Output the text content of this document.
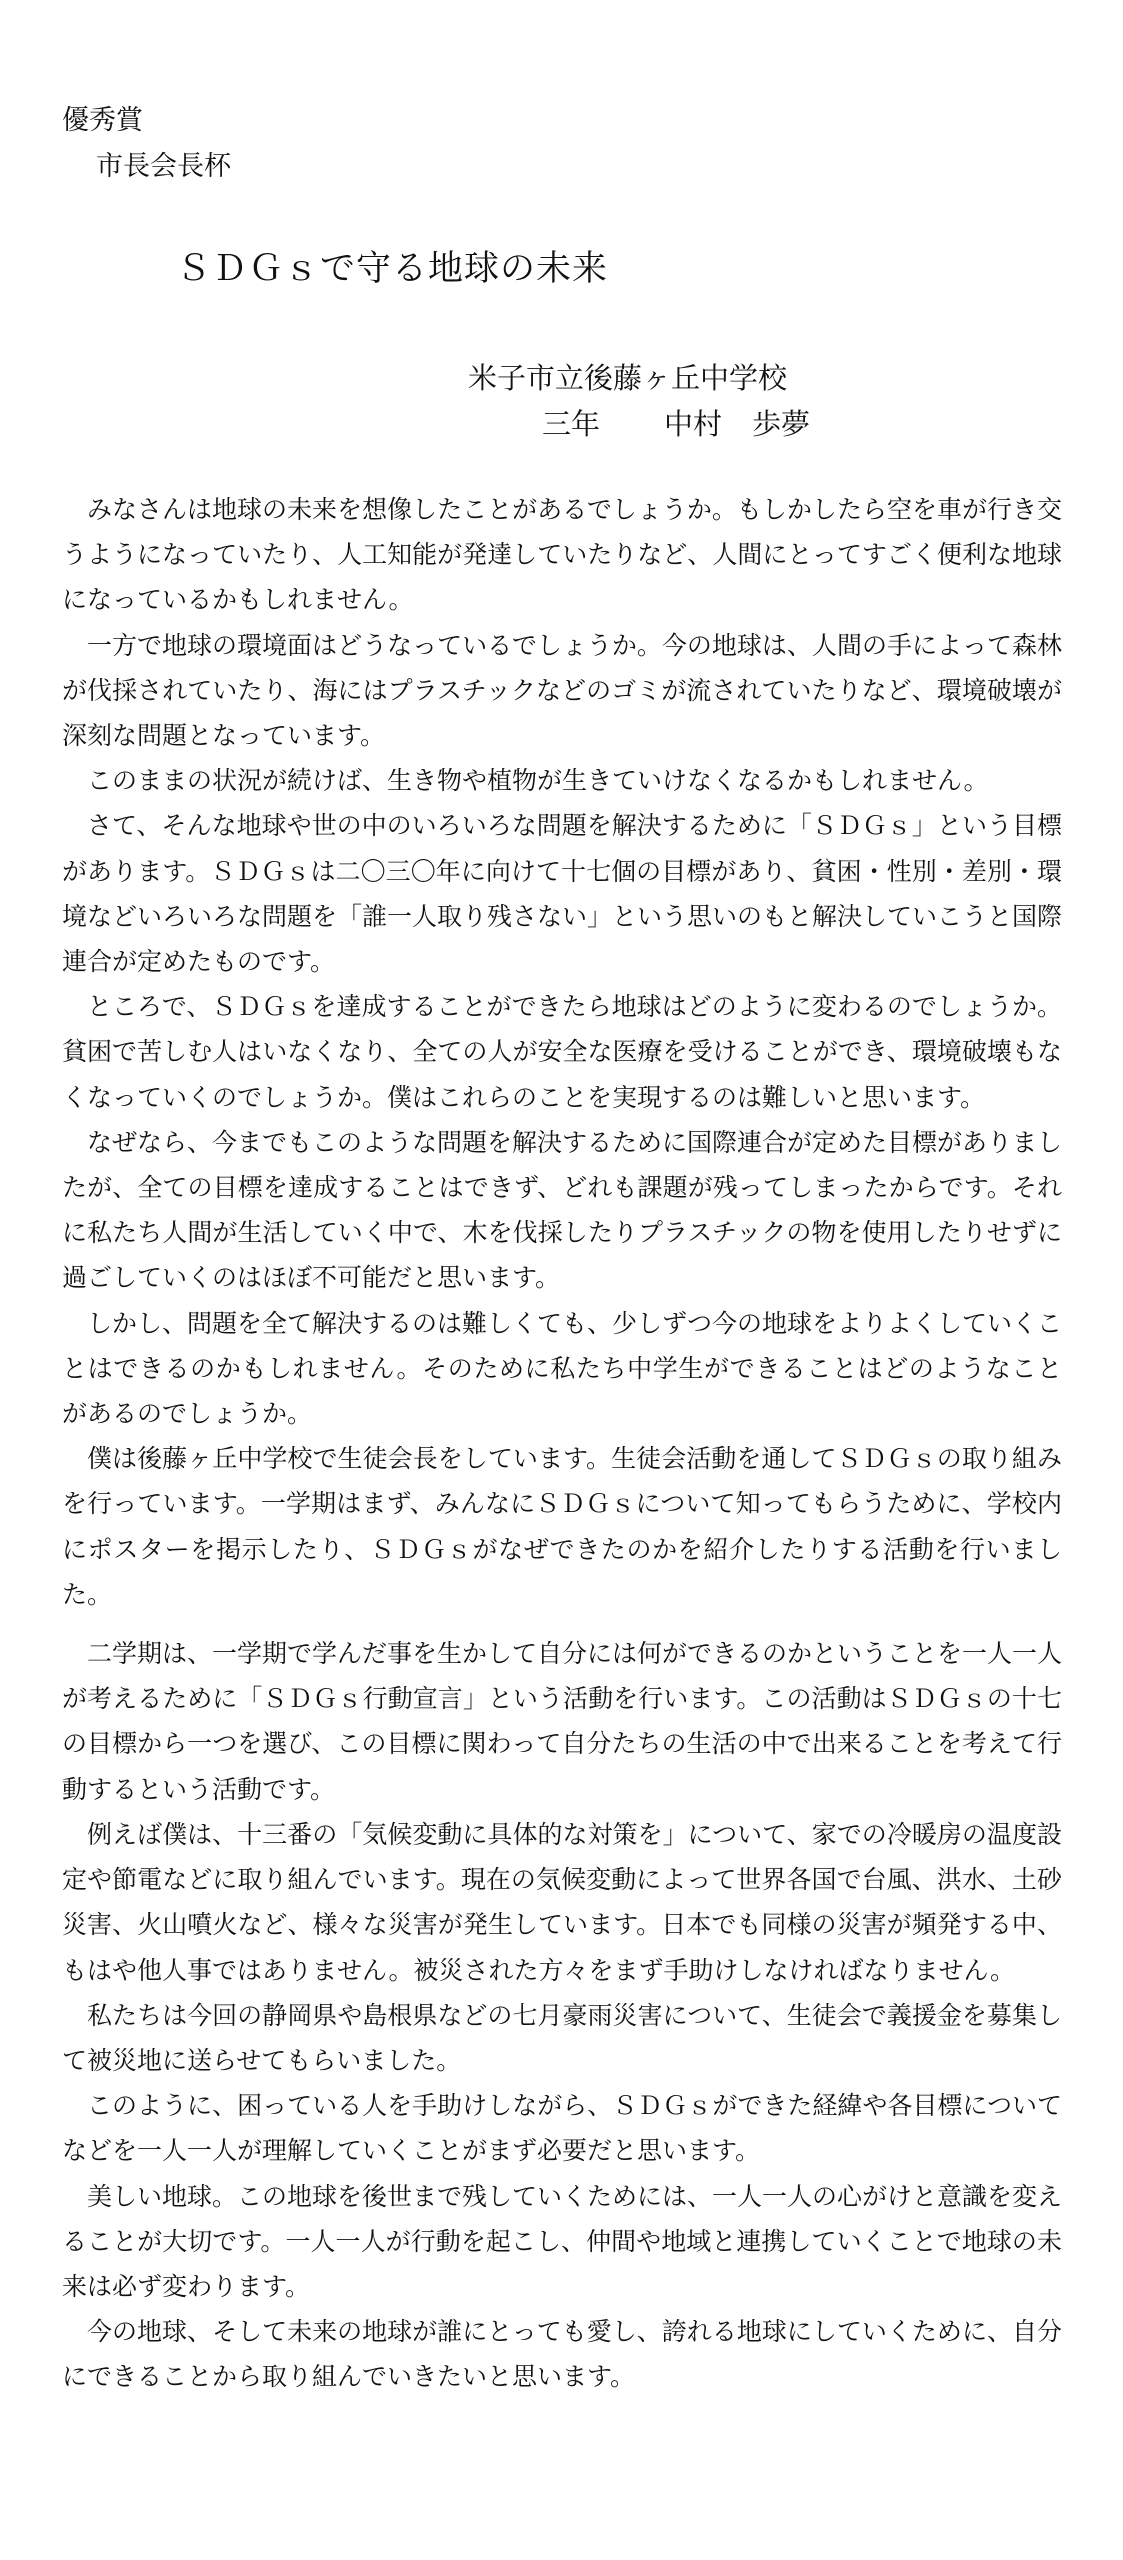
優秀賞
市長会長杯
ＳＤＧｓで守る地球の未来
米子市立後藤ヶ丘中学校
三年 中村 歩夢

みなさんは地球の未来を想像したことがあるでしょうか。もしかしたら空を車が行き交うようになっていたり、人工知能が発達していたりなど、人間にとってすごく便利な地球になっているかもしれません。

一方で地球の環境面はどうなっているでしょうか。今の地球は、人間の手によって森林が伐採されていたり、海にはプラスチックなどのゴミが流されていたりなど、環境破壊が深刻な問題となっています。

このままの状況が続けば、生き物や植物が生きていけなくなるかもしれません。

さて、そんな地球や世の中のいろいろな問題を解決するために「ＳＤＧｓ」という目標があります。ＳＤＧｓは二〇三〇年に向けて十七個の目標があり、貧困・性別・差別・環境などいろいろな問題を「誰一人取り残さない」という思いのもと解決していこうと国際連合が定めたものです。

ところで、ＳＤＧｓを達成することができたら地球はどのように変わるのでしょうか。貧困で苦しむ人はいなくなり、全ての人が安全な医療を受けることができ、環境破壊もなくなっていくのでしょうか。僕はこれらのことを実現するのは難しいと思います。

なぜなら、今までもこのような問題を解決するために国際連合が定めた目標がありましたが、全ての目標を達成することはできず、どれも課題が残ってしまったからです。それに私たち人間が生活していく中で、木を伐採したりプラスチックの物を使用したりせずに過ごしていくのはほぼ不可能だと思います。

しかし、問題を全て解決するのは難しくても、少しずつ今の地球をよりよくしていくことはできるのかもしれません。そのために私たち中学生ができることはどのようなことがあるのでしょうか。

僕は後藤ヶ丘中学校で生徒会長をしています。生徒会活動を通してＳＤＧｓの取り組みを行っています。一学期はまず、みんなにＳＤＧｓについて知ってもらうために、学校内にポスターを掲示したり、ＳＤＧｓがなぜできたのかを紹介したりする活動を行いました。

二学期は、一学期で学んだ事を生かして自分には何ができるのかということを一人一人が考えるために「ＳＤＧｓ行動宣言」という活動を行います。この活動はＳＤＧｓの十七の目標から一つを選び、この目標に関わって自分たちの生活の中で出来ることを考えて行動するという活動です。

例えば僕は、十三番の「気候変動に具体的な対策を」について、家での冷暖房の温度設定や節電などに取り組んでいます。現在の気候変動によって世界各国で台風、洪水、土砂災害、火山噴火など、様々な災害が発生しています。日本でも同様の災害が頻発する中、もはや他人事ではありません。被災された方々をまず手助けしなければなりません。

私たちは今回の静岡県や島根県などの七月豪雨災害について、生徒会で義援金を募集して被災地に送らせてもらいました。

このように、困っている人を手助けしながら、ＳＤＧｓができた経緯や各目標についてなどを一人一人が理解していくことがまず必要だと思います。

美しい地球。この地球を後世まで残していくためには、一人一人の心がけと意識を変えることが大切です。一人一人が行動を起こし、仲間や地域と連携していくことで地球の未来は必ず変わります。

今の地球、そして未来の地球が誰にとっても愛し、誇れる地球にしていくために、自分にできることから取り組んでいきたいと思います。
